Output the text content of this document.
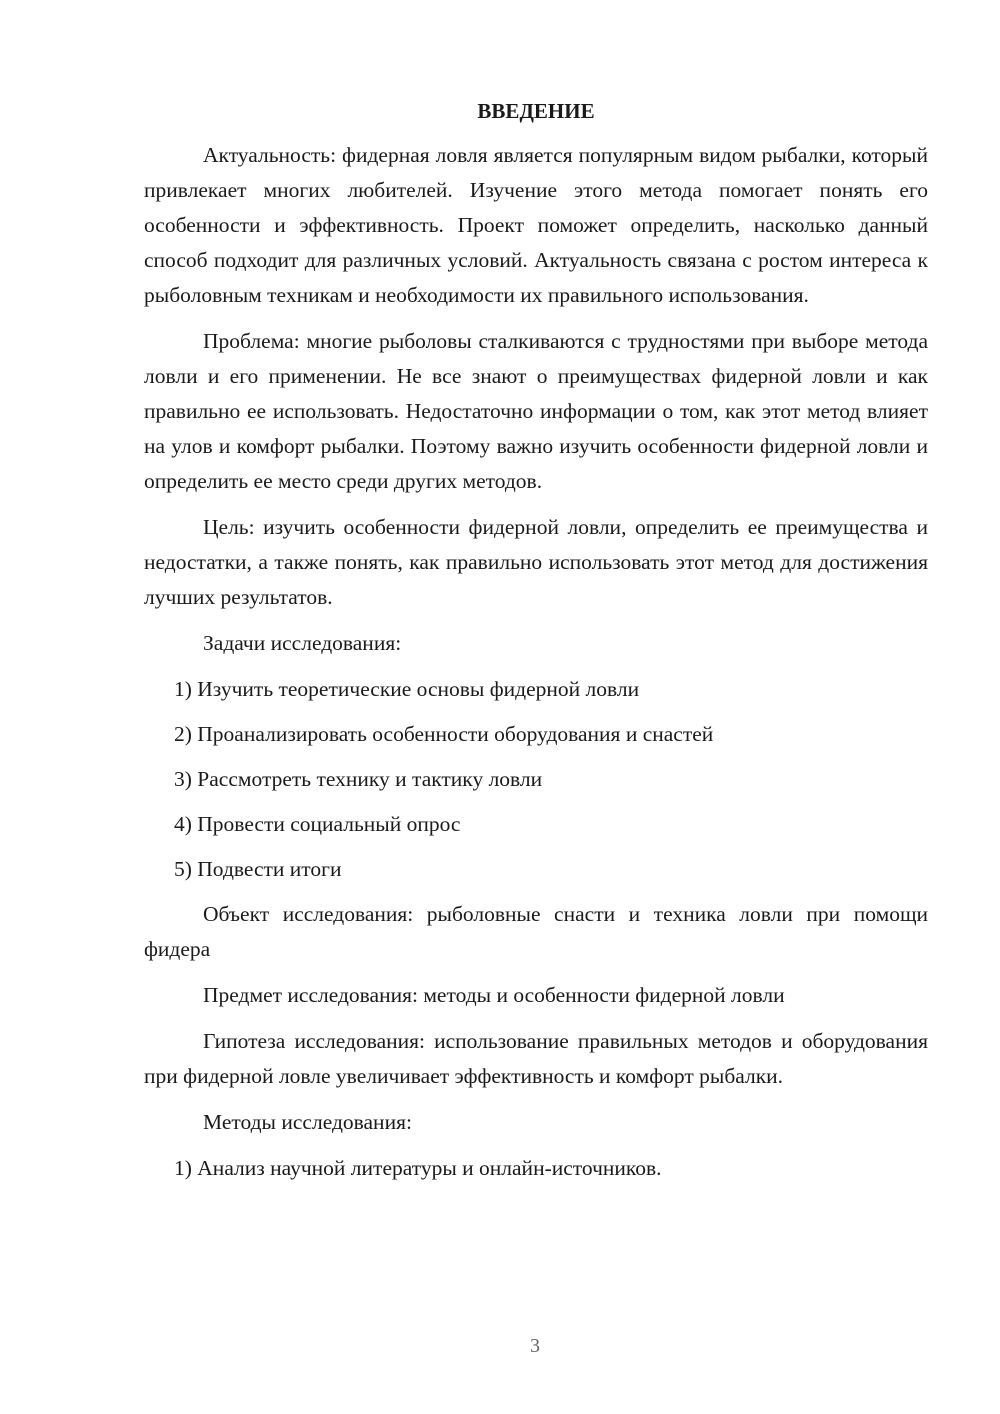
ВВЕДЕНИЕ

Актуальность: фидерная ловля является популярным видом рыбалки, который привлекает многих любителей. Изучение этого метода помогает понять его особенности и эффективность. Проект поможет определить, насколько данный способ подходит для различных условий. Актуальность связана с ростом интереса к рыболовным техникам и необходимости их правильного использования.

Проблема: многие рыболовы сталкиваются с трудностями при выборе метода ловли и его применении. Не все знают о преимуществах фидерной ловли и как правильно ее использовать. Недостаточно информации о том, как этот метод влияет на улов и комфорт рыбалки. Поэтому важно изучить особенности фидерной ловли и определить ее место среди других методов.

Цель: изучить особенности фидерной ловли, определить ее преимущества и недостатки, а также понять, как правильно использовать этот метод для достижения лучших результатов.

Задачи исследования:

1) Изучить теоретические основы фидерной ловли
2) Проанализировать особенности оборудования и снастей
3) Рассмотреть технику и тактику ловли
4) Провести социальный опрос
5) Подвести итоги

Объект исследования: рыболовные снасти и техника ловли при помощи фидера

Предмет исследования: методы и особенности фидерной ловли

Гипотеза исследования: использование правильных методов и оборудования при фидерной ловле увеличивает эффективность и комфорт рыбалки.

Методы исследования:

1) Анализ научной литературы и онлайн-источников.
3
